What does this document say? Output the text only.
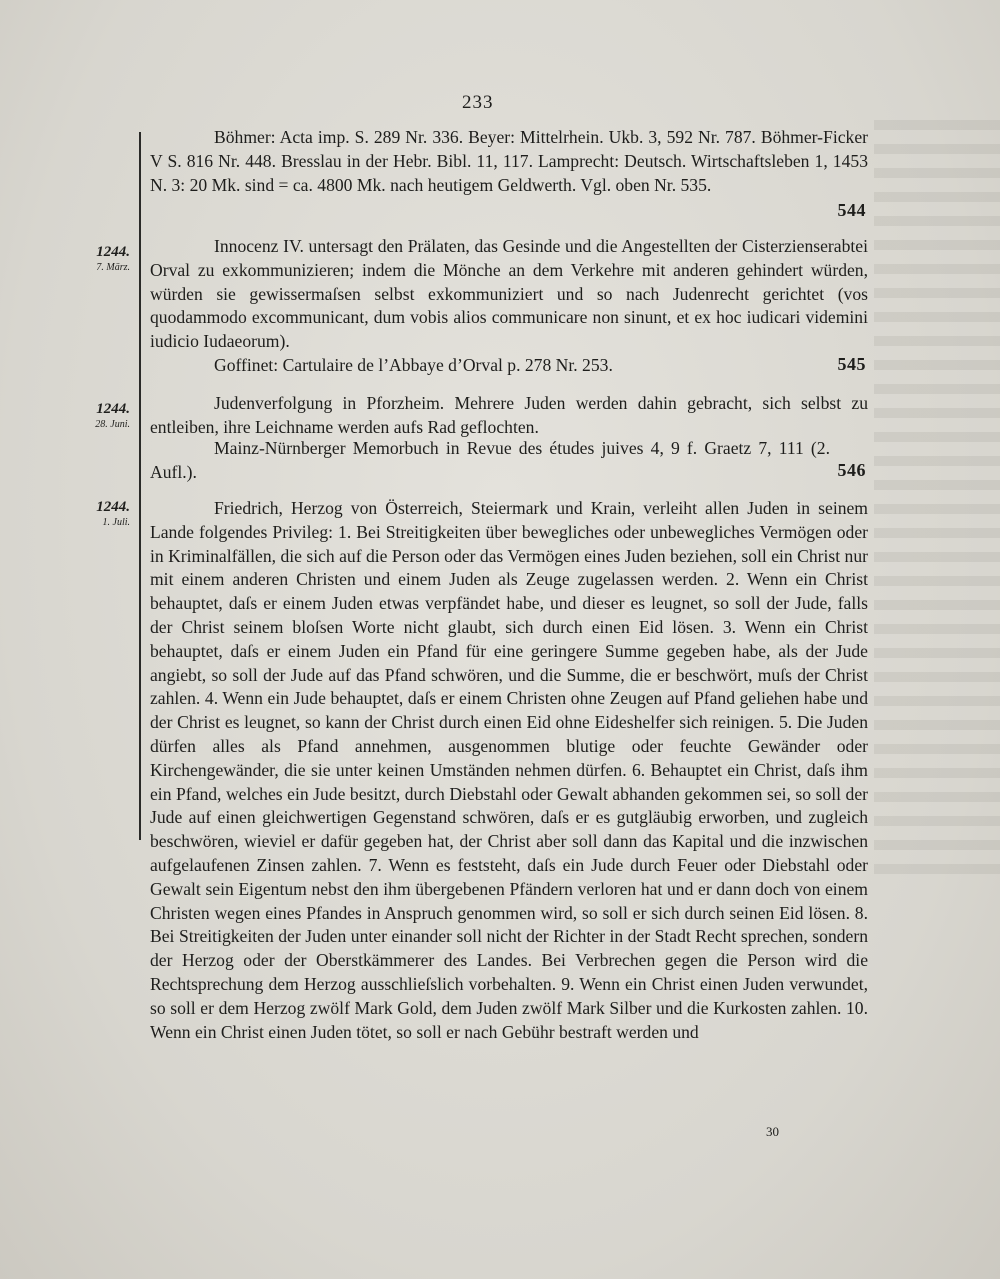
233

Böhmer: Acta imp. S. 289 Nr. 336. Beyer: Mittelrhein. Ukb. 3, 592 Nr. 787. Böhmer-Ficker V S. 816 Nr. 448. Bresslau in der Hebr. Bibl. 11, 117. Lamprecht: Deutsch. Wirtschaftsleben 1, 1453 N. 3: 20 Mk. sind = ca. 4800 Mk. nach heutigem Geldwerth. Vgl. oben Nr. 535.

544
1244.
7. März.

Innocenz IV. untersagt den Prälaten, das Gesinde und die Angestellten der Cisterzienserabtei Orval zu exkommunizieren; indem die Mönche an dem Verkehre mit anderen gehindert würden, würden sie gewissermaſsen selbst exkommuniziert und so nach Judenrecht gerichtet (vos quodammodo excommunicant, dum vobis alios communicare non sinunt, et ex hoc iudicari videmini iudicio Iudaeorum).

Goffinet: Cartulaire de l’Abbaye d’Orval p. 278 Nr. 253.	545
1244.
28. Juni.

Judenverfolgung in Pforzheim. Mehrere Juden werden dahin gebracht, sich selbst zu entleiben, ihre Leichname werden aufs Rad geflochten.

Mainz-Nürnberger Memorbuch in Revue des études juives 4, 9 f. Graetz 7, 111 (2. Aufl.).	546
1244.
1. Juli.

Friedrich, Herzog von Österreich, Steiermark und Krain, verleiht allen Juden in seinem Lande folgendes Privileg: 1. Bei Streitigkeiten über bewegliches oder unbewegliches Vermögen oder in Kriminalfällen, die sich auf die Person oder das Vermögen eines Juden beziehen, soll ein Christ nur mit einem anderen Christen und einem Juden als Zeuge zugelassen werden. 2. Wenn ein Christ behauptet, daſs er einem Juden etwas verpfändet habe, und dieser es leugnet, so soll der Jude, falls der Christ seinem bloſsen Worte nicht glaubt, sich durch einen Eid lösen. 3. Wenn ein Christ behauptet, daſs er einem Juden ein Pfand für eine geringere Summe gegeben habe, als der Jude angiebt, so soll der Jude auf das Pfand schwören, und die Summe, die er beschwört, muſs der Christ zahlen. 4. Wenn ein Jude behauptet, daſs er einem Christen ohne Zeugen auf Pfand geliehen habe und der Christ es leugnet, so kann der Christ durch einen Eid ohne Eideshelfer sich reinigen. 5. Die Juden dürfen alles als Pfand annehmen, ausgenommen blutige oder feuchte Gewänder oder Kirchengewänder, die sie unter keinen Umständen nehmen dürfen. 6. Behauptet ein Christ, daſs ihm ein Pfand, welches ein Jude besitzt, durch Diebstahl oder Gewalt abhanden gekommen sei, so soll der Jude auf einen gleichwertigen Gegenstand schwören, daſs er es gutgläubig erworben, und zugleich beschwören, wieviel er dafür gegeben hat, der Christ aber soll dann das Kapital und die inzwischen aufgelaufenen Zinsen zahlen. 7. Wenn es feststeht, daſs ein Jude durch Feuer oder Diebstahl oder Gewalt sein Eigentum nebst den ihm übergebenen Pfändern verloren hat und er dann doch von einem Christen wegen eines Pfandes in Anspruch genommen wird, so soll er sich durch seinen Eid lösen. 8. Bei Streitigkeiten der Juden unter einander soll nicht der Richter in der Stadt Recht sprechen, sondern der Herzog oder der Oberstkämmerer des Landes. Bei Verbrechen gegen die Person wird die Rechtsprechung dem Herzog ausschlieſslich vorbehalten. 9. Wenn ein Christ einen Juden verwundet, so soll er dem Herzog zwölf Mark Gold, dem Juden zwölf Mark Silber und die Kurkosten zahlen. 10. Wenn ein Christ einen Juden tötet, so soll er nach Gebühr bestraft werden und

30
